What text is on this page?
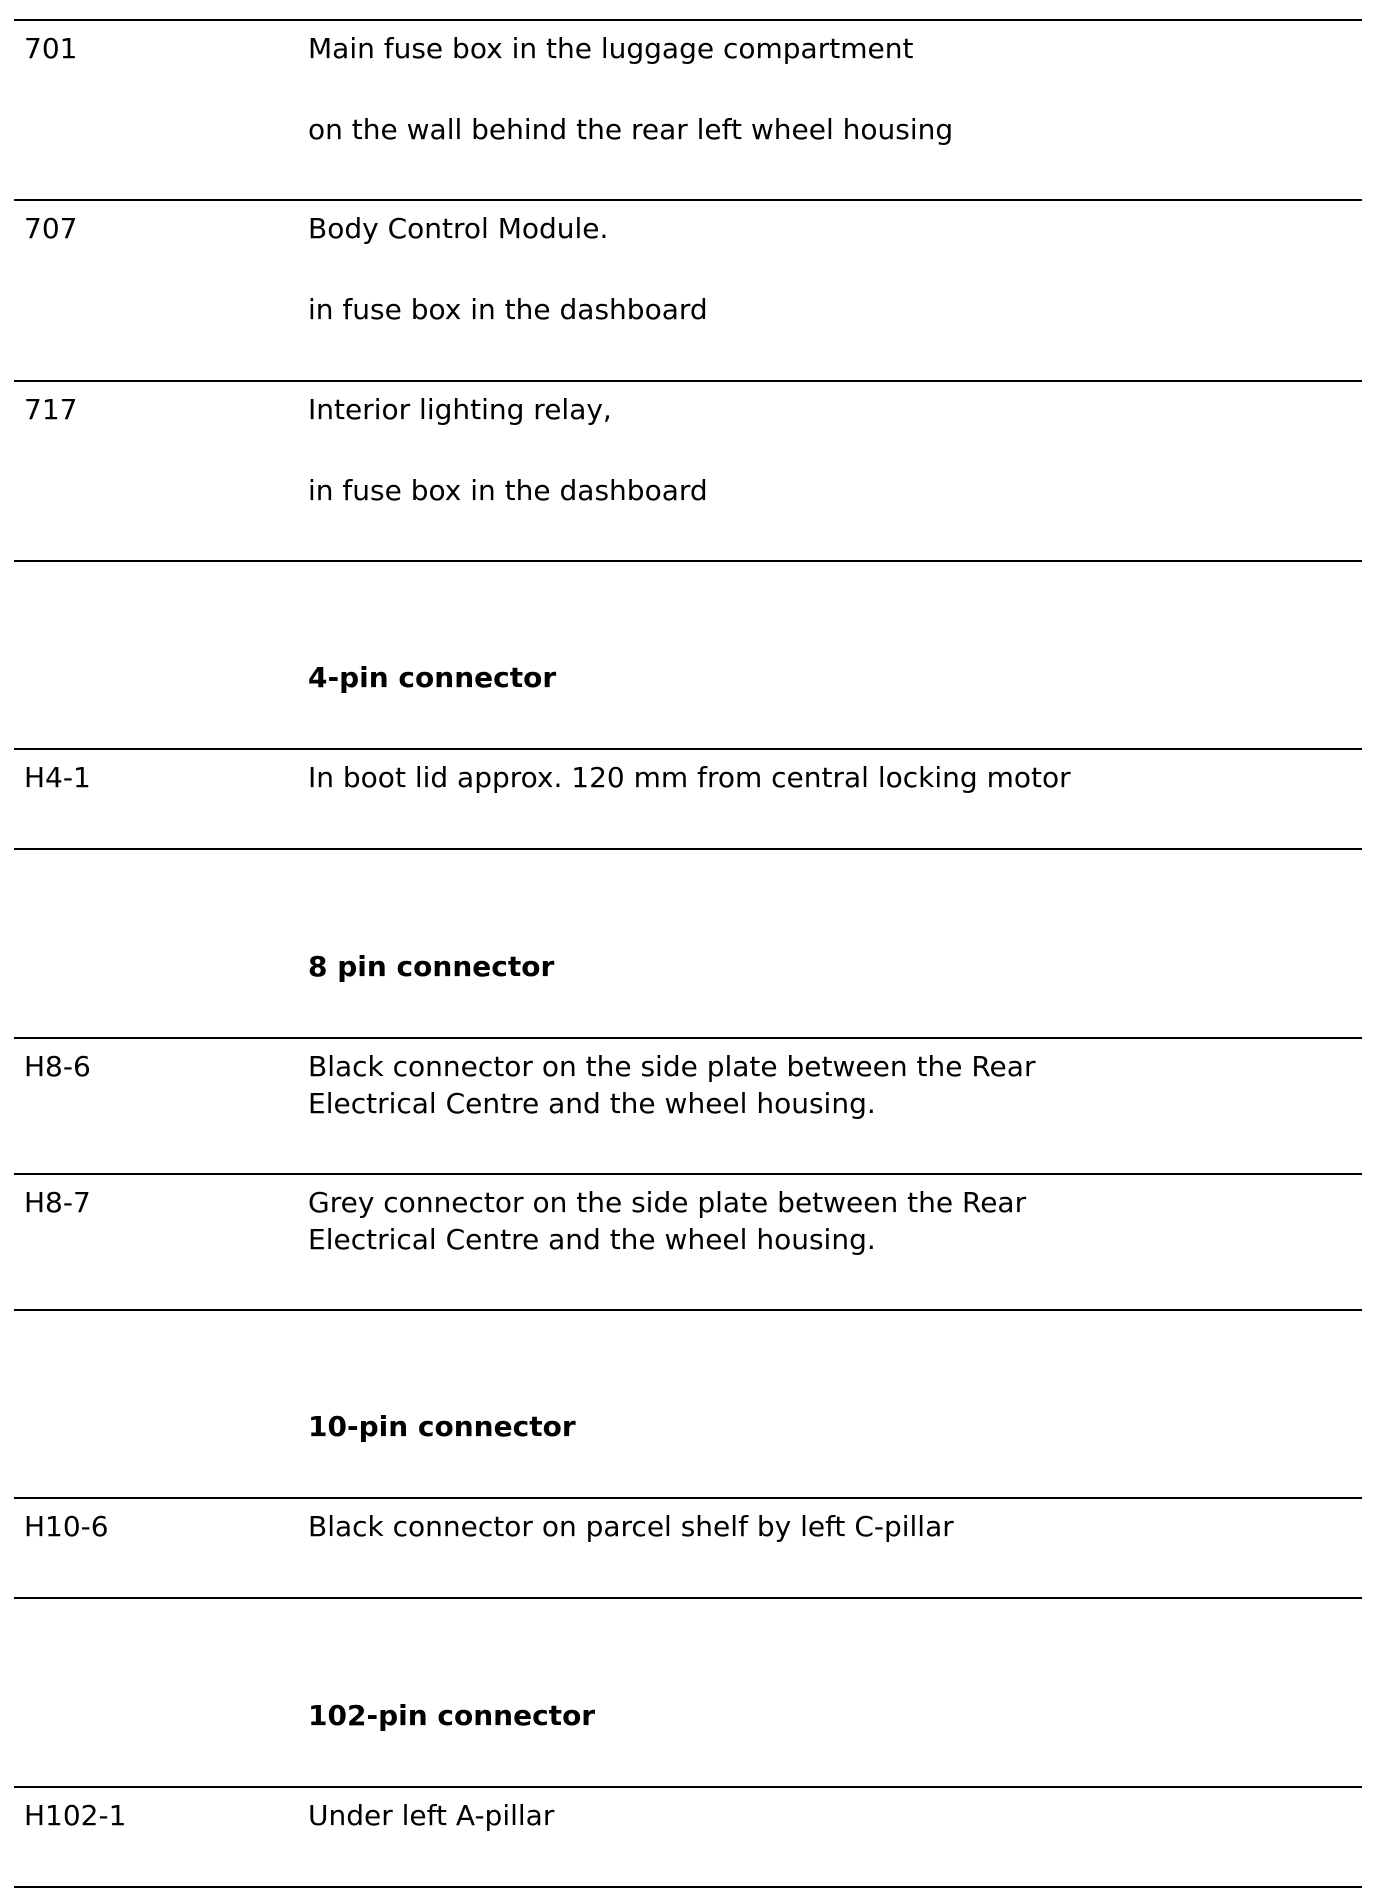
701	Main fuse box in the luggage compartment
on the wall behind the rear left wheel housing
707	Body Control Module.
in fuse box in the dashboard
717	Interior lighting relay,
in fuse box in the dashboard
4-pin connector
H4-1	In boot lid approx. 120 mm from central locking motor
8 pin connector
H8-6	Black connector on the side plate between the Rear
Electrical Centre and the wheel housing.
H8-7	Grey connector on the side plate between the Rear
Electrical Centre and the wheel housing.
10-pin connector
H10-6	Black connector on parcel shelf by left C-pillar
102-pin connector
H102-1	Under left A-pillar
